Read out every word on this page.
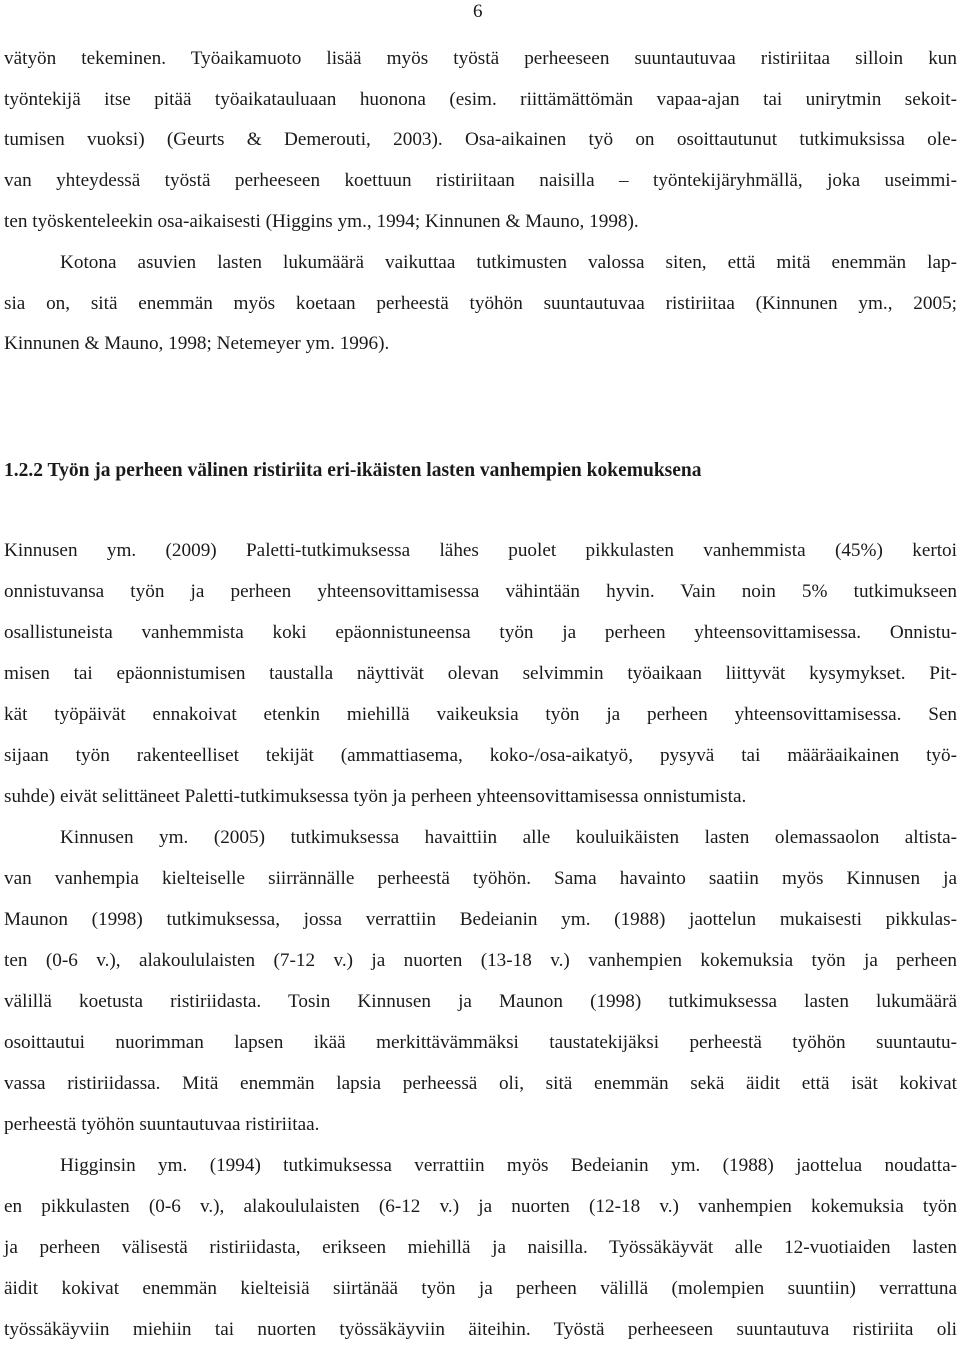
6
vätyön tekeminen. Työaikamuoto lisää myös työstä perheeseen suuntautuvaa ristiriitaa silloin kun
työntekijä itse pitää työaikatauluaan huonona (esim. riittämättömän vapaa-ajan tai unirytmin sekoit-
tumisen vuoksi) (Geurts & Demerouti, 2003). Osa-aikainen työ on osoittautunut tutkimuksissa ole-
van yhteydessä työstä perheeseen koettuun ristiriitaan naisilla – työntekijäryhmällä, joka useimmi-
ten työskenteleekin osa-aikaisesti (Higgins ym., 1994; Kinnunen & Mauno, 1998).
Kotona asuvien lasten lukumäärä vaikuttaa tutkimusten valossa siten, että mitä enemmän lap-
sia on, sitä enemmän myös koetaan perheestä työhön suuntautuvaa ristiriitaa (Kinnunen ym., 2005;
Kinnunen & Mauno, 1998; Netemeyer ym. 1996).
1.2.2 Työn ja perheen välinen ristiriita eri-ikäisten lasten vanhempien kokemuksena
Kinnusen ym. (2009) Paletti-tutkimuksessa lähes puolet pikkulasten vanhemmista (45%) kertoi
onnistuvansa työn ja perheen yhteensovittamisessa vähintään hyvin. Vain noin 5% tutkimukseen
osallistuneista vanhemmista koki epäonnistuneensa työn ja perheen yhteensovittamisessa. Onnistu-
misen tai epäonnistumisen taustalla näyttivät olevan selvimmin työaikaan liittyvät kysymykset. Pit-
kät työpäivät ennakoivat etenkin miehillä vaikeuksia työn ja perheen yhteensovittamisessa. Sen
sijaan työn rakenteelliset tekijät (ammattiasema, koko-/osa-aikatyö, pysyvä tai määräaikainen työ-
suhde) eivät selittäneet Paletti-tutkimuksessa työn ja perheen yhteensovittamisessa onnistumista.
Kinnusen ym. (2005) tutkimuksessa havaittiin alle kouluikäisten lasten olemassaolon altista-
van vanhempia kielteiselle siirrännälle perheestä työhön. Sama havainto saatiin myös Kinnusen ja
Maunon (1998) tutkimuksessa, jossa verrattiin Bedeianin ym. (1988) jaottelun mukaisesti pikkulas-
ten (0-6 v.), alakoululaisten (7-12 v.) ja nuorten (13-18 v.) vanhempien kokemuksia työn ja perheen
välillä koetusta ristiriidasta. Tosin Kinnusen ja Maunon (1998) tutkimuksessa lasten lukumäärä
osoittautui nuorimman lapsen ikää merkittävämmäksi taustatekijäksi perheestä työhön suuntautu-
vassa ristiriidassa. Mitä enemmän lapsia perheessä oli, sitä enemmän sekä äidit että isät kokivat
perheestä työhön suuntautuvaa ristiriitaa.
Higginsin ym. (1994) tutkimuksessa verrattiin myös Bedeianin ym. (1988) jaottelua noudatta-
en pikkulasten (0-6 v.), alakoululaisten (6-12 v.) ja nuorten (12-18 v.) vanhempien kokemuksia työn
ja perheen välisestä ristiriidasta, erikseen miehillä ja naisilla. Työssäkäyvät alle 12-vuotiaiden lasten
äidit kokivat enemmän kielteisiä siirtänää työn ja perheen välillä (molempien suuntiin) verrattuna
työssäkäyviin miehiin tai nuorten työssäkäyviin äiteihin. Työstä perheeseen suuntautuva ristiriita oli
